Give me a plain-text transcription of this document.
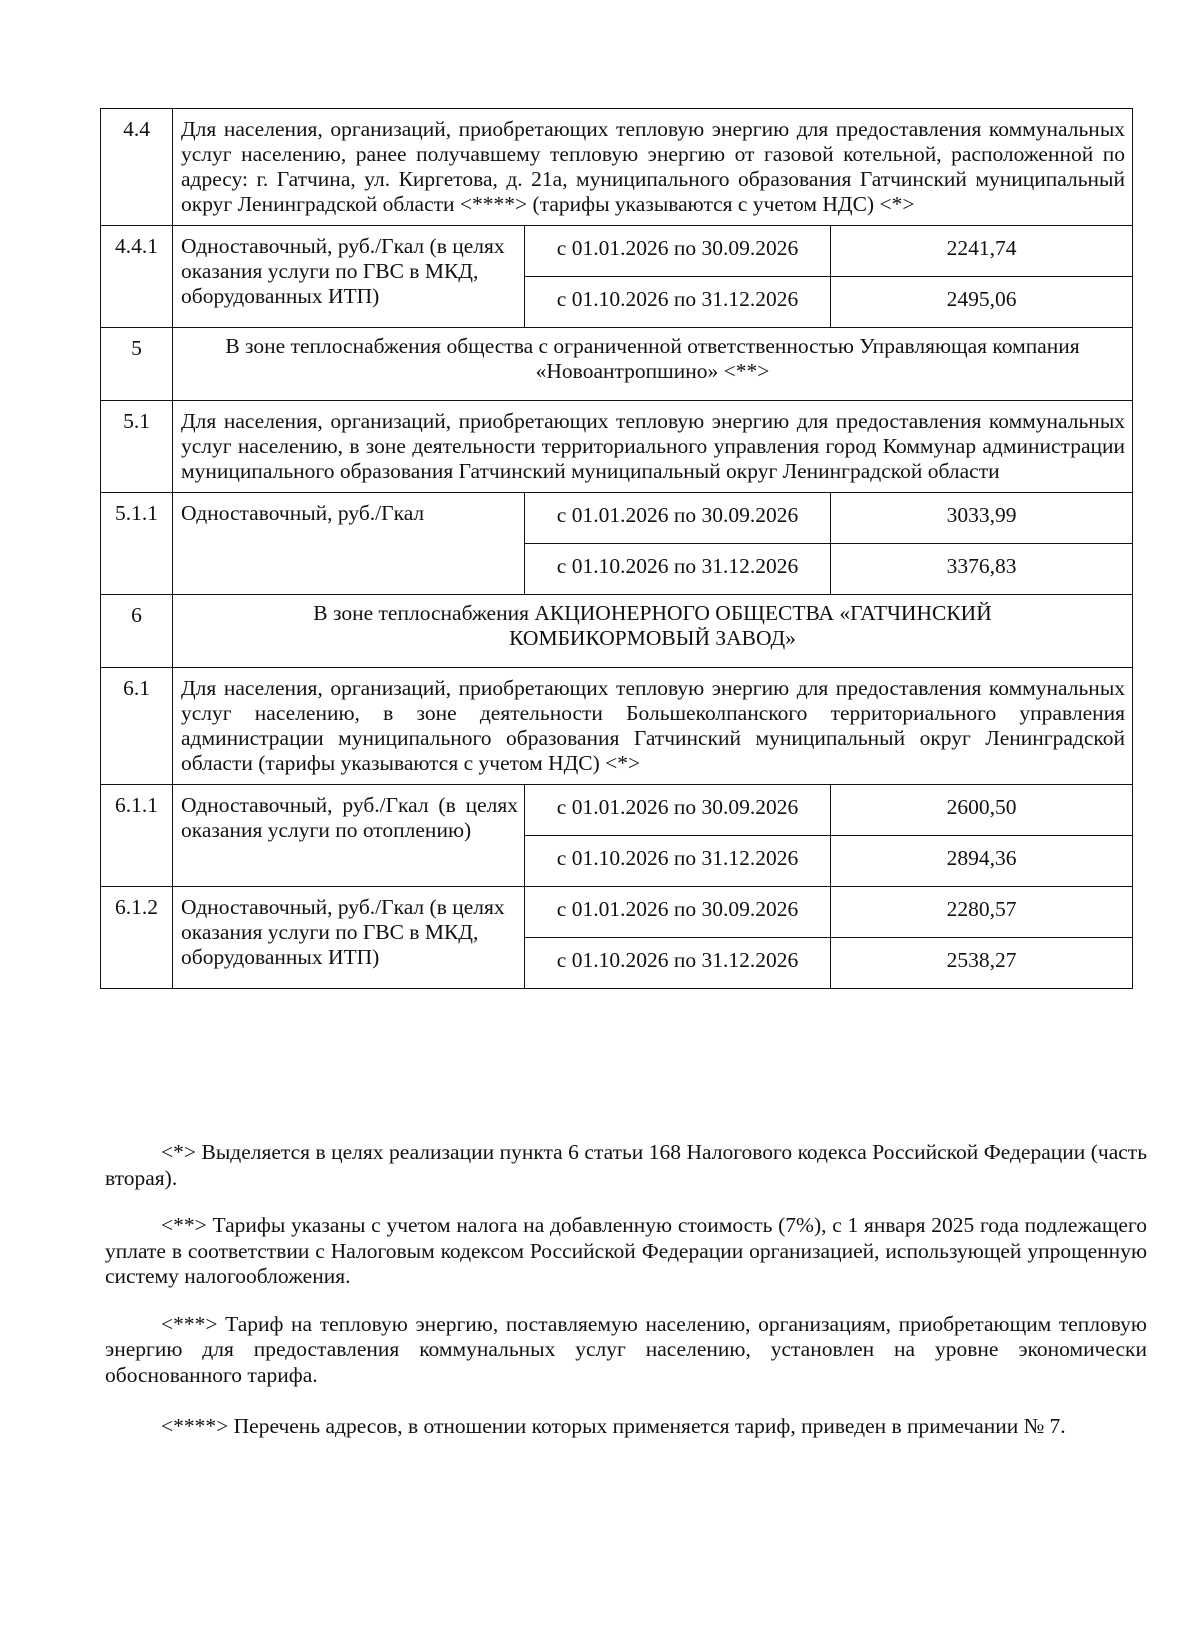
4.4	Для населения, организаций, приобретающих тепловую энергию для предоставления коммунальных услуг населению, ранее получавшему тепловую энергию от газовой котельной, расположенной по адресу: г. Гатчина, ул. Киргетова, д. 21а, муниципального образования Гатчинский муниципальный округ Ленинградской области <****> (тарифы указываются с учетом НДС) <*>		
4.4.1	Одноставочный, руб./Гкал (в целях оказания услуги по ГВС в МКД, оборудованных ИТП)	с 01.01.2026 по 30.09.2026	2241,74
		с 01.10.2026 по 31.12.2026	2495,06
5	В зоне теплоснабжения общества с ограниченной ответственностью Управляющая компания «Новоантропшино» <**>		
5.1	Для населения, организаций, приобретающих тепловую энергию для предоставления коммунальных услуг населению, в зоне деятельности территориального управления город Коммунар администрации муниципального образования Гатчинский муниципальный округ Ленинградской области		
5.1.1	Одноставочный, руб./Гкал	с 01.01.2026 по 30.09.2026	3033,99
		с 01.10.2026 по 31.12.2026	3376,83
6	В зоне теплоснабжения АКЦИОНЕРНОГО ОБЩЕСТВА «ГАТЧИНСКИЙ КОМБИКОРМОВЫЙ ЗАВОД»		
6.1	Для населения, организаций, приобретающих тепловую энергию для предоставления коммунальных услуг населению, в зоне деятельности Большеколпанского территориального управления администрации муниципального образования Гатчинский муниципальный округ Ленинградской области (тарифы указываются с учетом НДС) <*>		
6.1.1	Одноставочный, руб./Гкал (в целях оказания услуги по отоплению)	с 01.01.2026 по 30.09.2026	2600,50
		с 01.10.2026 по 31.12.2026	2894,36
6.1.2	Одноставочный, руб./Гкал (в целях оказания услуги по ГВС в МКД, оборудованных ИТП)	с 01.01.2026 по 30.09.2026	2280,57
		с 01.10.2026 по 31.12.2026	2538,27

<*> Выделяется в целях реализации пункта 6 статьи 168 Налогового кодекса Российской Федерации (часть вторая).

<**> Тарифы указаны с учетом налога на добавленную стоимость (7%), с 1 января 2025 года подлежащего уплате в соответствии с Налоговым кодексом Российской Федерации организацией, использующей упрощенную систему налогообложения.

<***> Тариф на тепловую энергию, поставляемую населению, организациям, приобретающим тепловую энергию для предоставления коммунальных услуг населению, установлен на уровне экономически обоснованного тарифа.

<****> Перечень адресов, в отношении которых применяется тариф, приведен в примечании № 7.
